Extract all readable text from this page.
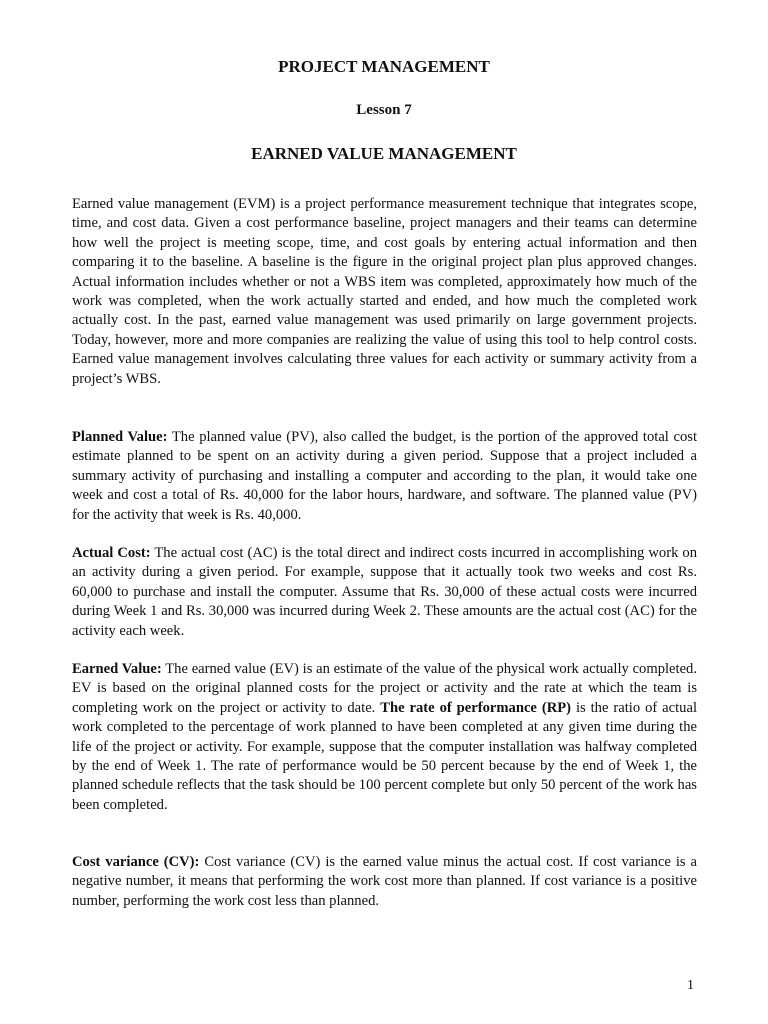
PROJECT MANAGEMENT

Lesson 7

EARNED VALUE MANAGEMENT

Earned value management (EVM) is a project performance measurement technique that integrates scope, time, and cost data. Given a cost performance baseline, project managers and their teams can determine how well the project is meeting scope, time, and cost goals by entering actual information and then comparing it to the baseline. A baseline is the figure in the original project plan plus approved changes. Actual information includes whether or not a WBS item was completed, approximately how much of the work was completed, when the work actually started and ended, and how much the completed work actually cost. In the past, earned value management was used primarily on large government projects. Today, however, more and more companies are realizing the value of using this tool to help control costs. Earned value management involves calculating three values for each activity or summary activity from a project’s WBS.

Planned Value: The planned value (PV), also called the budget, is the portion of the approved total cost estimate planned to be spent on an activity during a given period. Suppose that a project included a summary activity of purchasing and installing a computer and according to the plan, it would take one week and cost a total of Rs. 40,000 for the labor hours, hardware, and software. The planned value (PV) for the activity that week is Rs. 40,000.

Actual Cost: The actual cost (AC) is the total direct and indirect costs incurred in accomplishing work on an activity during a given period. For example, suppose that it actually took two weeks and cost Rs. 60,000 to purchase and install the computer. Assume that Rs. 30,000 of these actual costs were incurred during Week 1 and Rs. 30,000 was incurred during Week 2. These amounts are the actual cost (AC) for the activity each week.

Earned Value: The earned value (EV) is an estimate of the value of the physical work actually completed. EV is based on the original planned costs for the project or activity and the rate at which the team is completing work on the project or activity to date. The rate of performance (RP) is the ratio of actual work completed to the percentage of work planned to have been completed at any given time during the life of the project or activity. For example, suppose that the computer installation was halfway completed by the end of Week 1. The rate of performance would be 50 percent because by the end of Week 1, the planned schedule reflects that the task should be 100 percent complete but only 50 percent of the work has been completed.

Cost variance (CV): Cost variance (CV) is the earned value minus the actual cost. If cost variance is a negative number, it means that performing the work cost more than planned. If cost variance is a positive number, performing the work cost less than planned.

1
